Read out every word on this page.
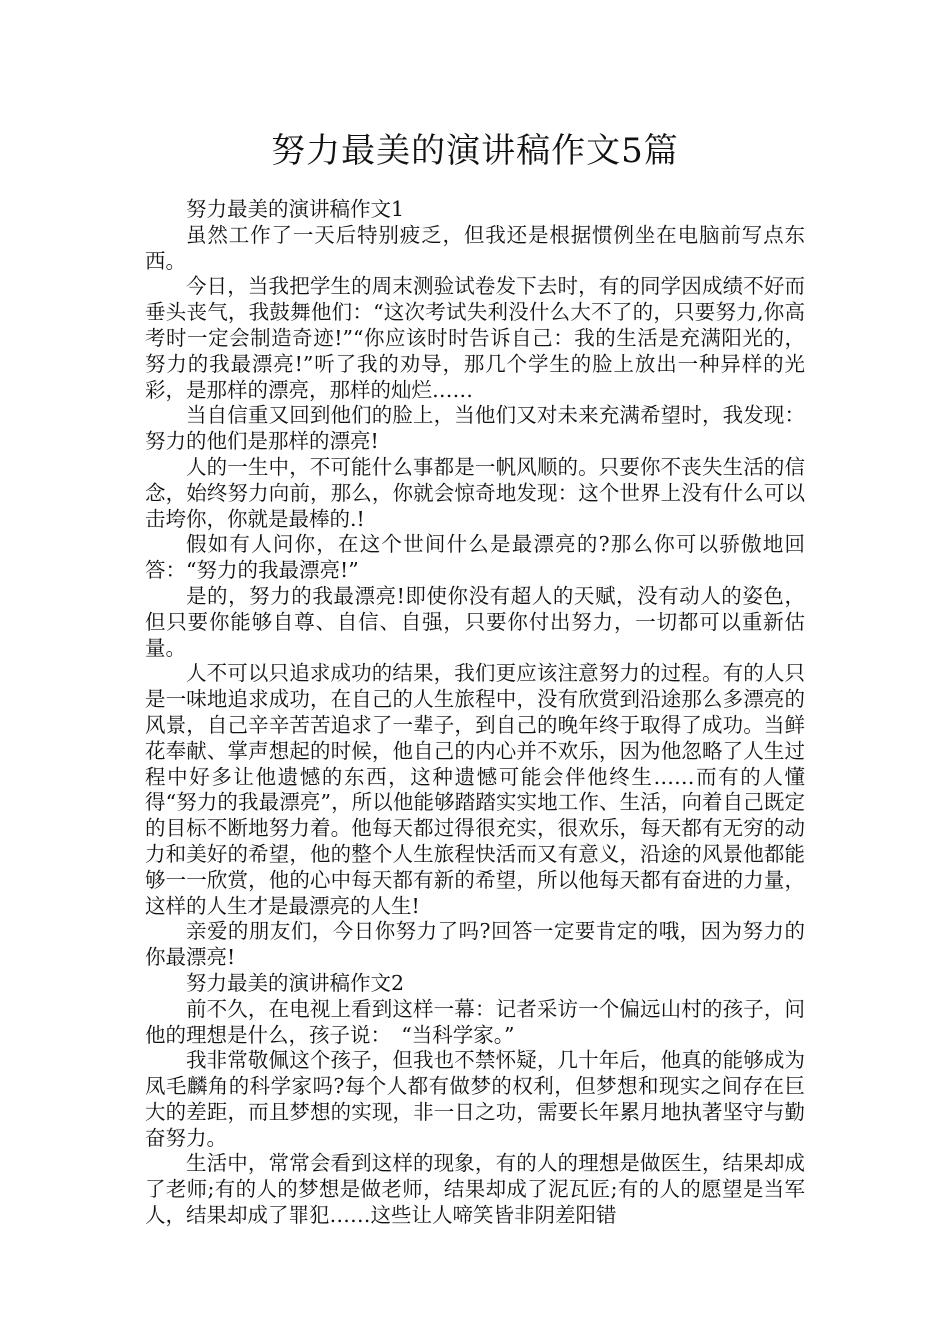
努力最美的演讲稿作文5篇

努力最美的演讲稿作文1

虽然工作了一天后特别疲乏，但我还是根据惯例坐在电脑前写点东西。

今日，当我把学生的周末测验试卷发下去时，有的同学因成绩不好而垂头丧气，我鼓舞他们：“这次考试失利没什么大不了的，只要努力,你高考时一定会制造奇迹!”“你应该时时告诉自己：我的生活是充满阳光的，努力的我最漂亮!”听了我的劝导，那几个学生的脸上放出一种异样的光彩，是那样的漂亮，那样的灿烂……

当自信重又回到他们的脸上，当他们又对未来充满希望时，我发现：努力的他们是那样的漂亮!

人的一生中，不可能什么事都是一帆风顺的。只要你不丧失生活的信念，始终努力向前，那么，你就会惊奇地发现：这个世界上没有什么可以击垮你，你就是最棒的.!

假如有人问你，在这个世间什么是最漂亮的?那么你可以骄傲地回答：“努力的我最漂亮!”

是的，努力的我最漂亮!即使你没有超人的天赋，没有动人的姿色，但只要你能够自尊、自信、自强，只要你付出努力，一切都可以重新估量。

人不可以只追求成功的结果，我们更应该注意努力的过程。有的人只是一味地追求成功，在自己的人生旅程中，没有欣赏到沿途那么多漂亮的风景，自己辛辛苦苦追求了一辈子，到自己的晚年终于取得了成功。当鲜花奉献、掌声想起的时候，他自己的内心并不欢乐，因为他忽略了人生过程中好多让他遗憾的东西，这种遗憾可能会伴他终生……而有的人懂得“努力的我最漂亮”，所以他能够踏踏实实地工作、生活，向着自己既定的目标不断地努力着。他每天都过得很充实，很欢乐，每天都有无穷的动力和美好的希望，他的整个人生旅程快活而又有意义，沿途的风景他都能够一一欣赏，他的心中每天都有新的希望，所以他每天都有奋进的力量，这样的人生才是最漂亮的人生!

亲爱的朋友们，今日你努力了吗?回答一定要肯定的哦，因为努力的你最漂亮!

努力最美的演讲稿作文2

前不久，在电视上看到这样一幕：记者采访一个偏远山村的孩子，问他的理想是什么，孩子说：　“当科学家。”

我非常敬佩这个孩子，但我也不禁怀疑，几十年后，他真的能够成为凤毛麟角的科学家吗?每个人都有做梦的权利，但梦想和现实之间存在巨大的差距，而且梦想的实现，非一日之功，需要长年累月地执著坚守与勤奋努力。

生活中，常常会看到这样的现象，有的人的理想是做医生，结果却成了老师;有的人的梦想是做老师，结果却成了泥瓦匠;有的人的愿望是当军人，结果却成了罪犯……这些让人啼笑皆非阴差阳错
